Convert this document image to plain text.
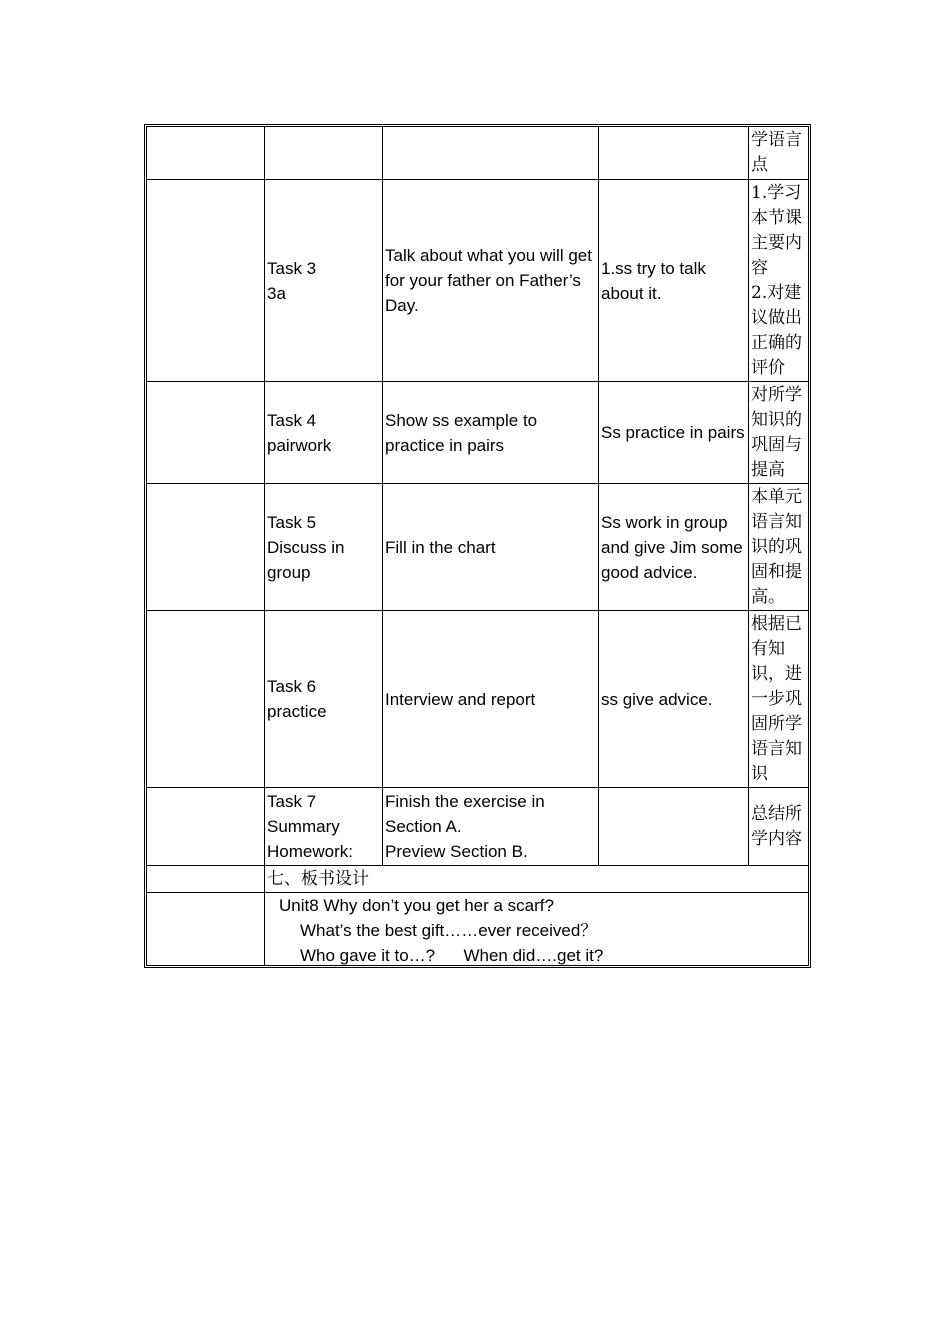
学语言
点
Task 3
3a
Talk about what you will get for your father on Father’s Day.
1.ss try to talk about it.
1.学习本节课主要内容
2.对建议做出正确的评价
Task 4
pairwork
Show ss example to practice in pairs
Ss practice in pairs
对所学知识的巩固与提高
Task 5
Discuss in group
Fill in the chart
Ss work in group and give Jim some good advice.
本单元语言知识的巩固和提高。
Task 6
practice
Interview and report	ss give advice.
根据已有知识，进一步巩固所学语言知识
Task 7
Summary
Homework:
Finish the exercise in Section A.
Preview Section B.
总结所学内容
七、板书设计
Unit8 Why don’t you get her a scarf?
What’s the best gift……ever received？
Who gave it to…?      When did….get it?
